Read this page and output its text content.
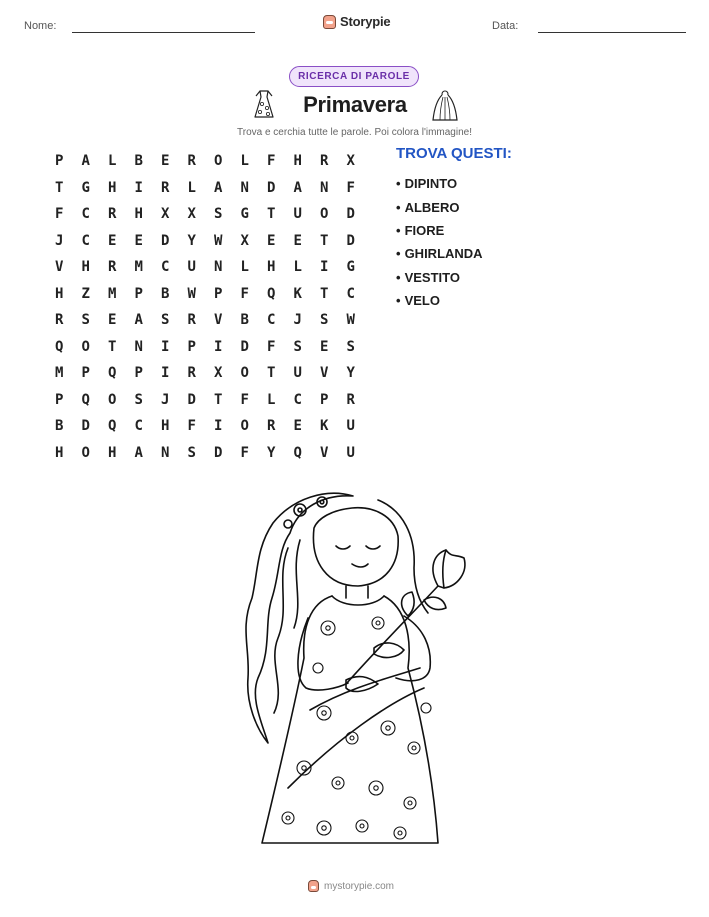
Nome:	Storypie	Data:
RICERCA DI PAROLE
Primavera
Trova e cerchia tutte le parole. Poi colora l'immagine!
P	A	L	B	E	R	O	L	F	H	R	X
T	G	H	I	R	L	A	N	D	A	N	F
F	C	R	H	X	X	S	G	T	U	O	D
J	C	E	E	D	Y	W	X	E	E	T	D
V	H	R	M	C	U	N	L	H	L	I	G
H	Z	M	P	B	W	P	F	Q	K	T	C
R	S	E	A	S	R	V	B	C	J	S	W
Q	O	T	N	I	P	I	D	F	S	E	S
M	P	Q	P	I	R	X	O	T	U	V	Y
P	Q	O	S	J	D	T	F	L	C	P	R
B	D	Q	C	H	F	I	O	R	E	K	U
H	O	H	A	N	S	D	F	Y	Q	V	U
TROVA QUESTI:
• DIPINTO
• ALBERO
• FIORE
• GHIRLANDA
• VESTITO
• VELO
mystorypie.com
